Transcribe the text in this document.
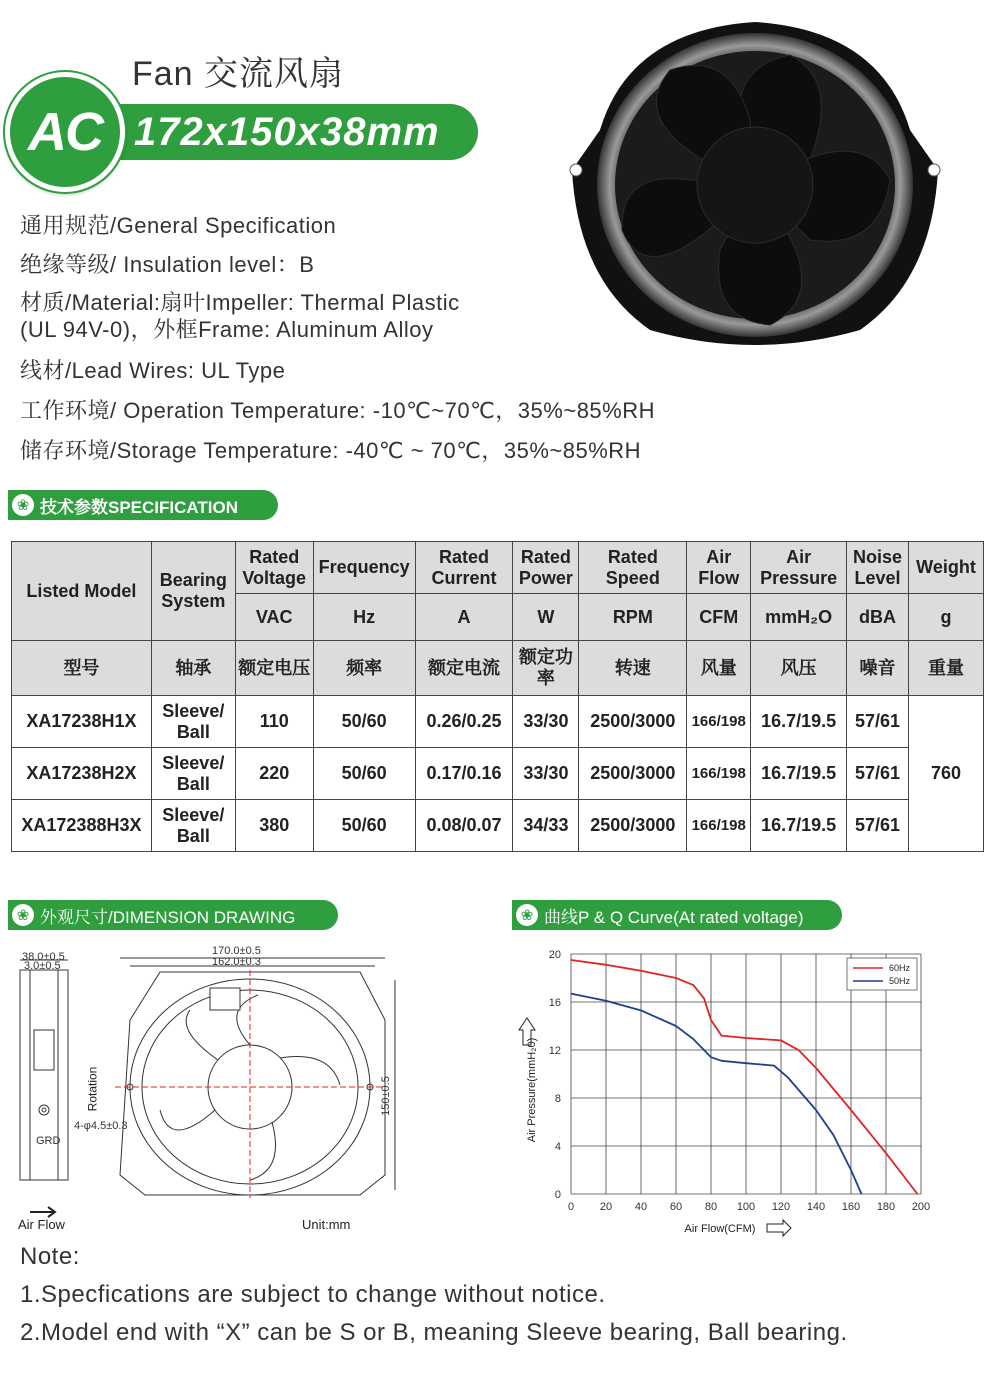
Fan 交流风扇
172x150x38mm
AC
通用规范/General Specification
绝缘等级/ Insulation level：B
材质/Material:扇叶Impeller: Thermal Plastic
(UL 94V-0)，外框Frame: Aluminum Alloy
线材/Lead Wires: UL Type
工作环境/ Operation Temperature: -10℃~70℃，35%~85%RH
储存环境/Storage Temperature: -40℃ ~ 70℃，35%~85%RH
❀ 技术参数SPECIFICATION
Listed Model	Bearing System	Rated Voltage	Frequency	Rated Current	Rated Power	Rated Speed	Air Flow	Air Pressure	Noise Level	Weight
		VAC	Hz	A	W	RPM	CFM	mmH₂O	dBA	g
型号	轴承	额定电压	频率	额定电流	额定功率	转速	风量	风压	噪音	重量
XA17238H1X	Sleeve/ Ball	110	50/60	0.26/0.25	33/30	2500/3000	166/198	16.7/19.5	57/61	760
XA17238H2X	Sleeve/ Ball	220	50/60	0.17/0.16	33/30	2500/3000	166/198	16.7/19.5	57/61	
XA172388H3X	Sleeve/ Ball	380	50/60	0.08/0.07	34/33	2500/3000	166/198	16.7/19.5	57/61	
❀ 外观尺寸/DIMENSION DRAWING	❀ 曲线P & Q Curve(At rated voltage)
38.0±0.5
3.0±0.5
170.0±0.5
162.0±0.3
150±0.5
4-φ4.5±0.3
Rotation
GRD
Air Flow	Unit:mm
0 20 40 60 80 100 120 140 160 180 200
0
4
8
12
16
20
60Hz
50Hz
Air Pressure(mmH₂0)
Air Flow(CFM)
Note:
1.Specfications are subject to change without notice.
2.Model end with “X” can be S or B, meaning Sleeve bearing, Ball bearing.
